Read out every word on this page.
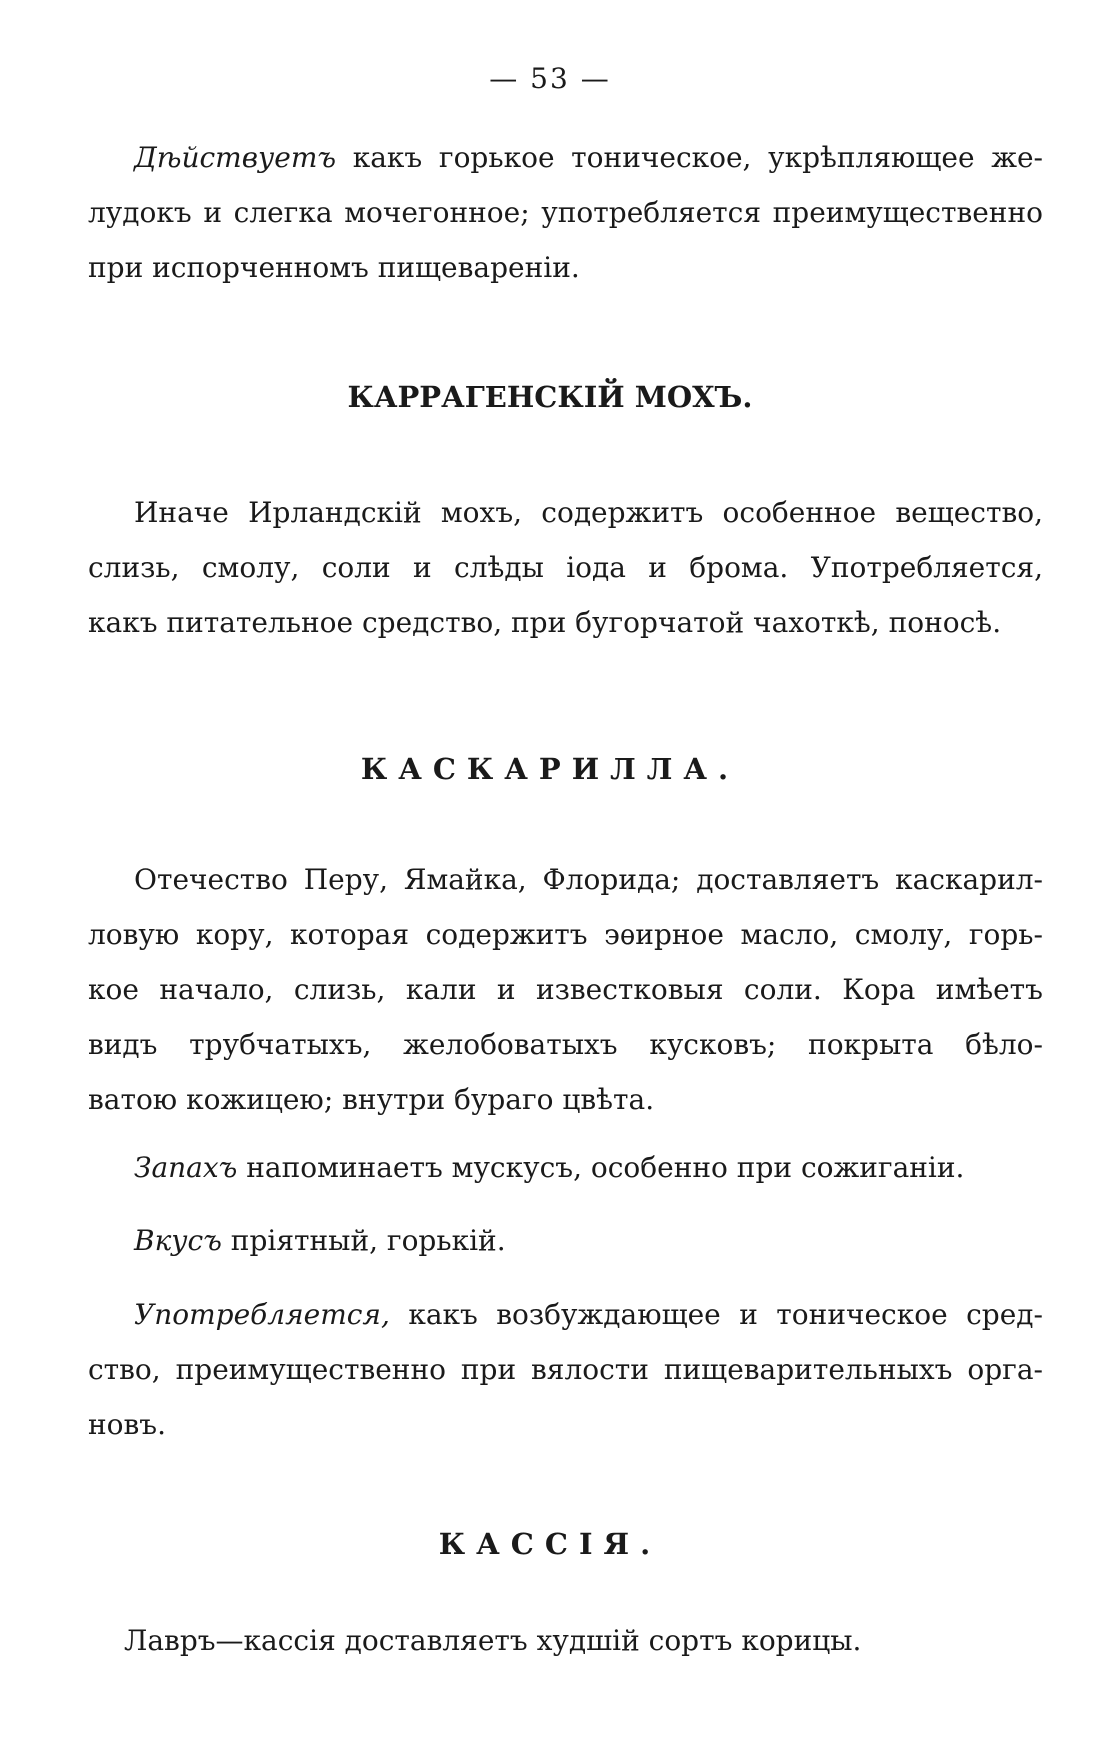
— 53 —
Дѣйствуетъ какъ горькое тоническое, укрѣпляющее же-
лудокъ и слегка мочегонное; употребляется преимущественно
при испорченномъ пищевареніи.
КАРРАГЕНСКІЙ МОХЪ.
Иначе Ирландскій мохъ, содержитъ особенное вещество,
слизь, смолу, соли и слѣды іода и брома. Употребляется,
какъ питательное средство, при бугорчатой чахоткѣ, поносѣ.
КАСКАРИЛЛА.
Отечество Перу, Ямайка, Флорида; доставляетъ каскарил-
ловую кору, которая содержитъ эѳирное масло, смолу, горь-
кое начало, слизь, кали и известковыя соли. Кора имѣетъ
видъ трубчатыхъ, желобоватыхъ кусковъ; покрыта бѣло-
ватою кожицею; внутри бураго цвѣта.
Запахъ напоминаетъ мускусъ, особенно при сожиганіи.
Вкусъ пріятный, горькій.
Употребляется, какъ возбуждающее и тоническое сред-
ство, преимущественно при вялости пищеварительныхъ орга-
новъ.
КАССІЯ.
Лавръ—кассія доставляетъ худшій сортъ корицы.
